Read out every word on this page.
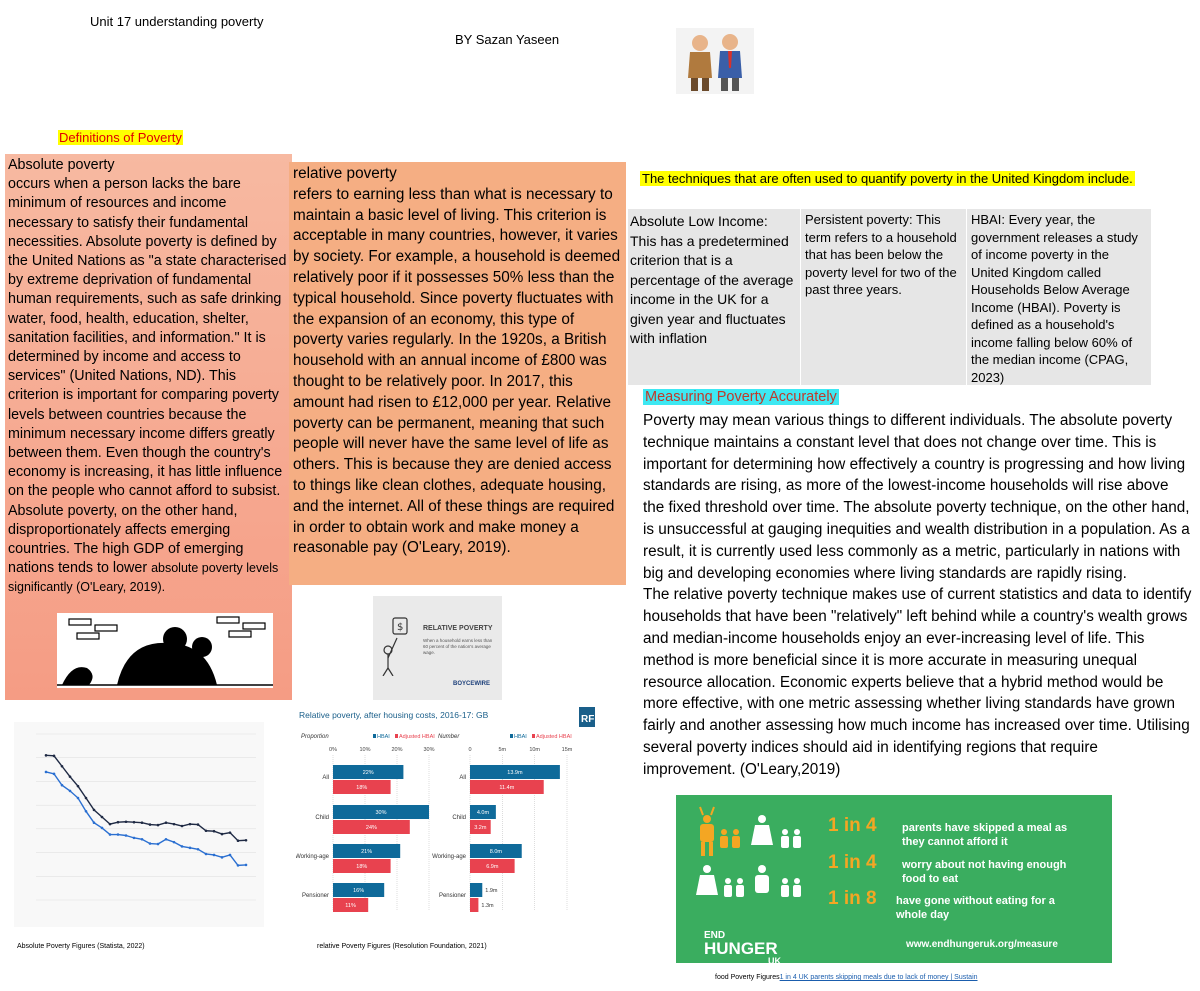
Unit 17 understanding poverty
BY Sazan Yaseen
Definitions of Poverty
Absolute poverty
occurs when a person lacks the bare minimum of resources and income necessary to satisfy their fundamental necessities. Absolute poverty is defined by the United Nations as "a state characterised by extreme deprivation of fundamental human requirements, such as safe drinking water, food, health, education, shelter, sanitation facilities, and information." It is determined by income and access to services" (United Nations, ND). This criterion is important for comparing poverty levels between countries because the minimum necessary income differs greatly between them. Even though the country's economy is increasing, it has little influence on the people who cannot afford to subsist. Absolute poverty, on the other hand, disproportionately affects emerging countries. The high GDP of emerging nations tends to lower absolute poverty levels significantly (O'Leary, 2019).
relative poverty
refers to earning less than what is necessary to maintain a basic level of living. This criterion is acceptable in many countries, however, it varies by society. For example, a household is deemed relatively poor if it possesses 50% less than the typical household. Since poverty fluctuates with the expansion of an economy, this type of poverty varies regularly. In the 1920s, a British household with an annual income of £800 was thought to be relatively poor. In 2017, this amount had risen to £12,000 per year. Relative poverty can be permanent, meaning that such people will never have the same level of life as others. This is because they are denied access to things like clean clothes, adequate housing, and the internet. All of these things are required in order to obtain work and make money a reasonable pay (O'Leary, 2019).
The techniques that are often used to quantify poverty in the United Kingdom include.
Absolute Low Income:
This has a predetermined criterion that is a percentage of the average income in the UK for a given year and fluctuates with inflation
Persistent poverty: This term refers to a household that has been below the poverty level for two of the past three years.
HBAI: Every year, the government releases a study of income poverty in the United Kingdom called Households Below Average Income (HBAI). Poverty is defined as a household's income falling below 60% of the median income (CPAG, 2023)
Measuring Poverty Accurately
Poverty may mean various things to different individuals. The absolute poverty technique maintains a constant level that does not change over time. This is important for determining how effectively a country is progressing and how living standards are rising, as more of the lowest-income households will rise above the fixed threshold over time. The absolute poverty technique, on the other hand, is unsuccessful at gauging inequities and wealth distribution in a population. As a result, it is currently used less commonly as a metric, particularly in nations with big and developing economies where living standards are rapidly rising.
The relative poverty technique makes use of current statistics and data to identify households that have been "relatively" left behind while a country's wealth grows and median-income households enjoy an ever-increasing level of life. This method is more beneficial since it is more accurate in measuring unequal resource allocation. Economic experts believe that a hybrid method would be more effective, with one metric assessing whether living standards have grown fairly and another assessing how much income has increased over time. Utilising several poverty indices should aid in identifying regions that require improvement. (O'Leary,2019)
$	RELATIVE POVERTY
When a household earns less than 60 percent of the nation's average wage.
BOYCEWIRE
Absolute Poverty Figures (Statista, 2022)
Relative poverty, after housing costs, 2016-17: GB	RF
Proportion	HBAI Adjusted HBAI
0%	10%	20%	30%
All
22%
18%
Child
30%
24%
Working-age
21%
18%
Pensioner
16%
11%
Number	HBAI Adjusted HBAI
0	5m	10m	15m
All
13.9m
11.4m
Child
4.0m
3.2m
Working-age
8.0m
6.9m
Pensioner
1.9m
1.3m
relative Poverty Figures (Resolution Foundation, 2021)
1 in 4 parents have skipped a meal as they cannot afford it
1 in 4 worry about not having enough food to eat
1 in 8 have gone without eating for a whole day
END
HUNGER
UK
www.endhungeruk.org/measure
food Poverty Figures1 in 4 UK parents skipping meals due to lack of money | Sustain
